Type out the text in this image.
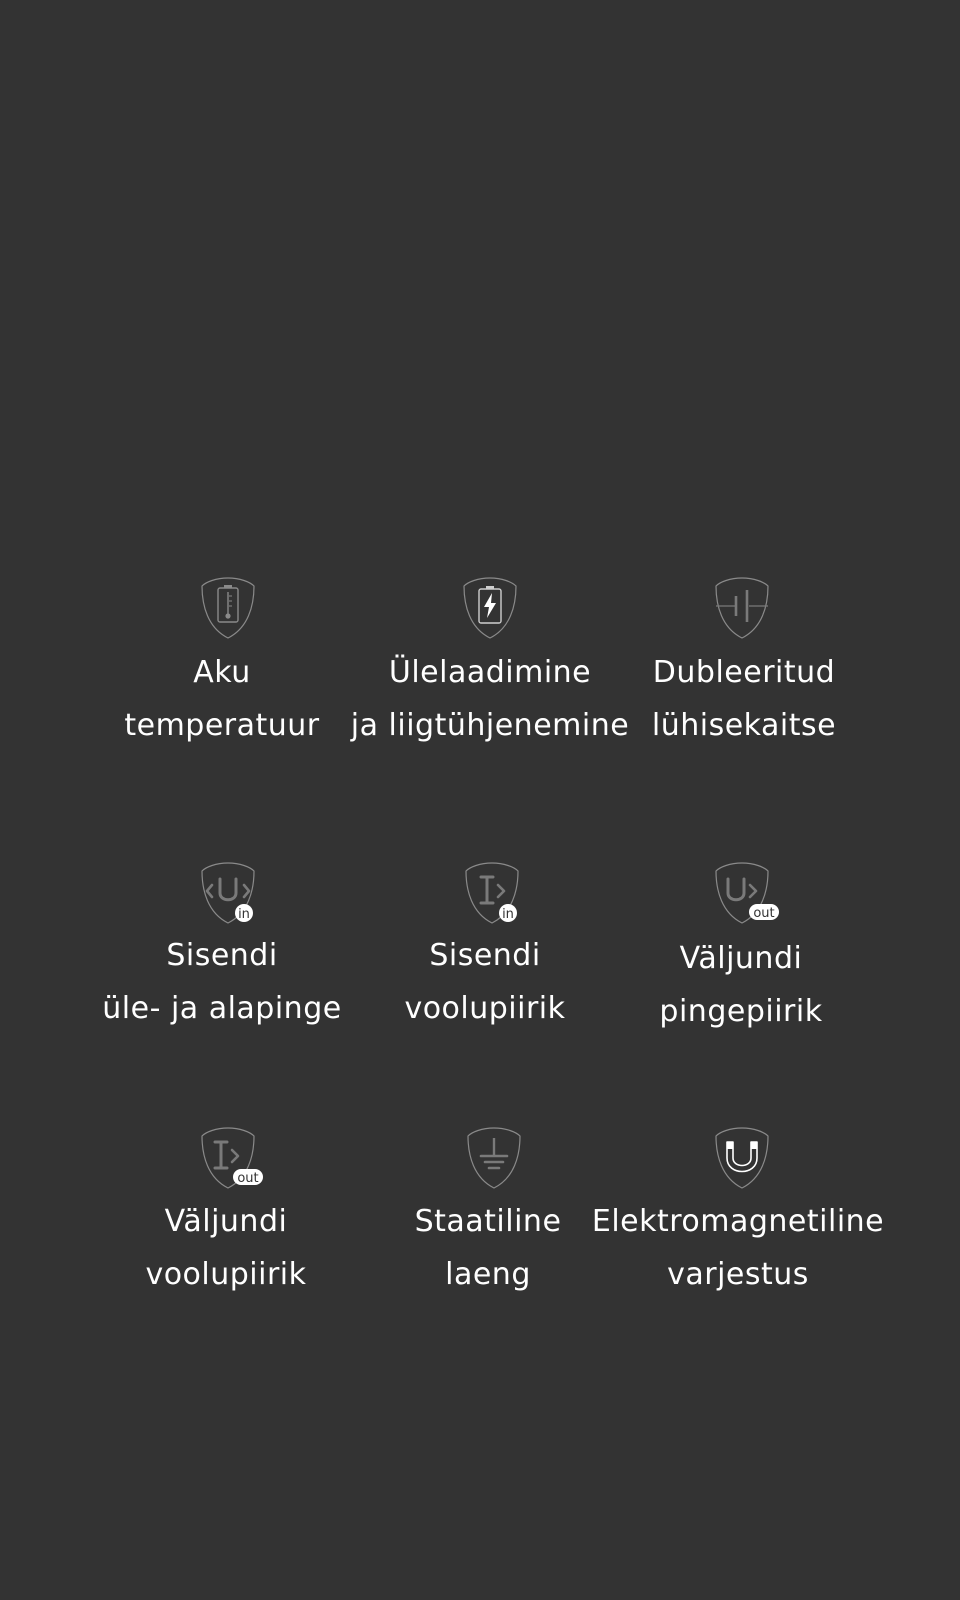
Aku
temperatuur
Ülelaadimine
ja liigtühjenemine
Dubleeritud
lühisekaitse
in
Sisendi
üle- ja alapinge
in
Sisendi
voolupiirik
out
Väljundi
pingepiirik
out
Väljundi
voolupiirik
Staatiline
laeng
Elektromagnetiline
varjestus
